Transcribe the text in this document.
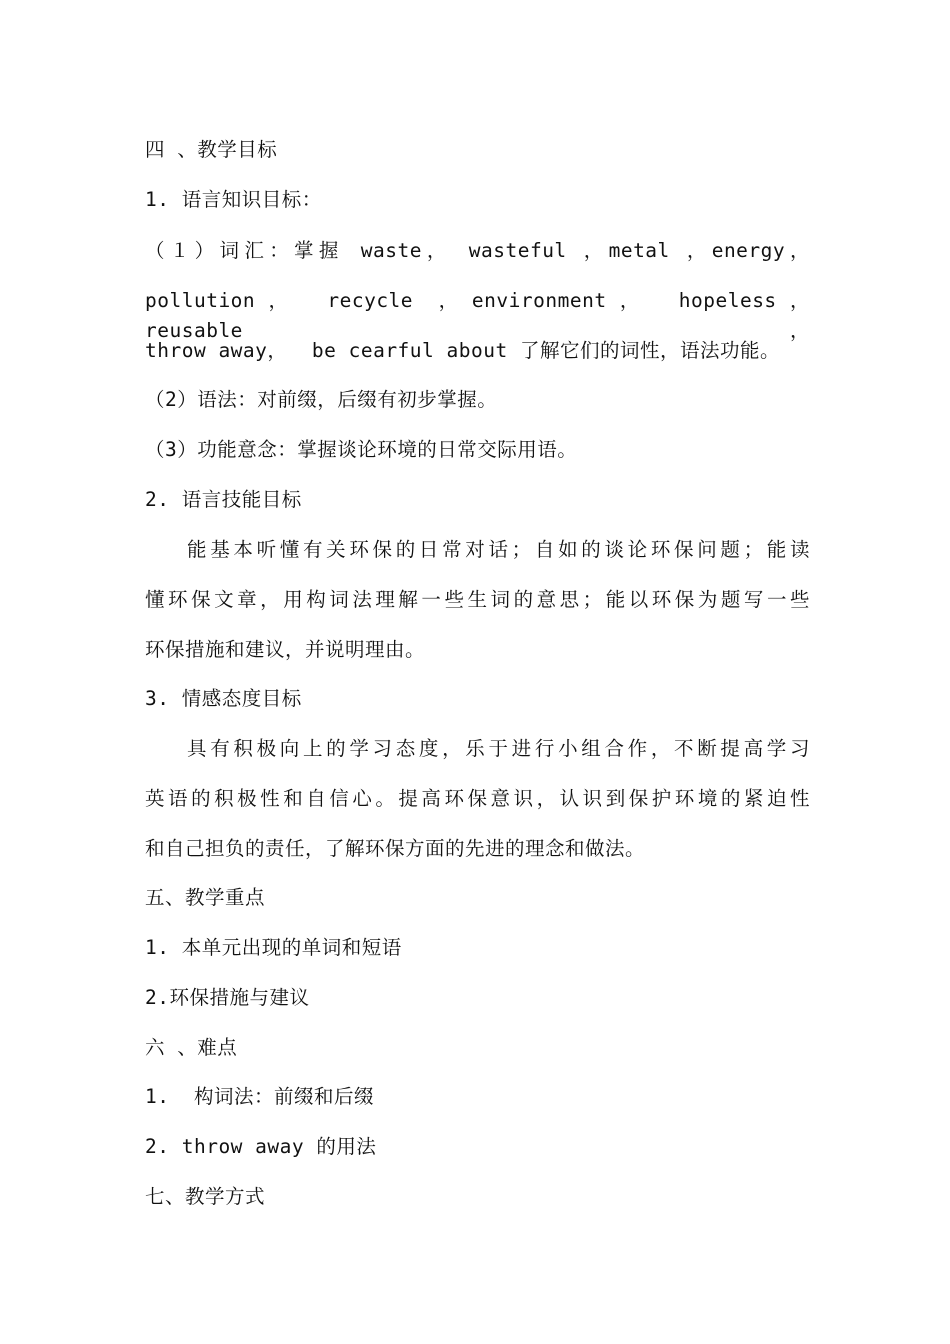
四 、教学目标
1. 语言知识目标：
（１）词汇：掌握 waste， wasteful ，metal ，energy，
pollution， recycle ，environment， hopeless， reusable，
throw away，  be cearful about 了解它们的词性，语法功能。
（2）语法：对前缀，后缀有初步掌握。
（3）功能意念：掌握谈论环境的日常交际用语。
2. 语言技能目标
能基本听懂有关环保的日常对话；自如的谈论环保问题；能读
懂环保文章，用构词法理解一些生词的意思；能以环保为题写一些
环保措施和建议，并说明理由。
3. 情感态度目标
具有积极向上的学习态度，乐于进行小组合作，不断提高学习
英语的积极性和自信心。提高环保意识，认识到保护环境的紧迫性
和自己担负的责任，了解环保方面的先进的理念和做法。
五、教学重点
1. 本单元出现的单词和短语
2.环保措施与建议
六 、难点
1.  构词法：前缀和后缀
2. throw away 的用法
七、教学方式
